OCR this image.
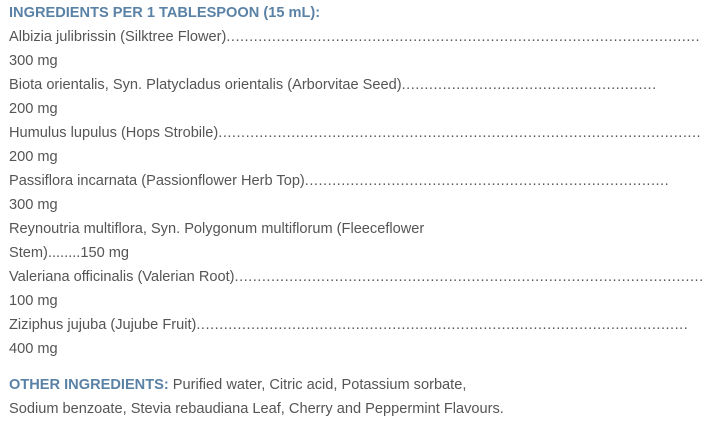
INGREDIENTS PER 1 TABLESPOON (15 mL):
Albizia julibrissin (Silktree Flower) ........................................................................................................
300 mg
Biota orientalis, Syn. Platycladus orientalis (Arborvitae Seed) ........................................................
200 mg
Humulus lupulus (Hops Strobile) ..........................................................................................................
200 mg
Passiflora incarnata (Passionflower Herb Top) ................................................................................
300 mg
Reynoutria multiflora, Syn. Polygonum multiflorum (Fleeceflower
Stem)........150 mg
Valeriana officinalis (Valerian Root) .......................................................................................................
100 mg
Ziziphus jujuba (Jujube Fruit) ............................................................................................................
400 mg
OTHER INGREDIENTS: Purified water, Citric acid, Potassium sorbate, Sodium benzoate, Stevia rebaudiana Leaf, Cherry and Peppermint Flavours.
